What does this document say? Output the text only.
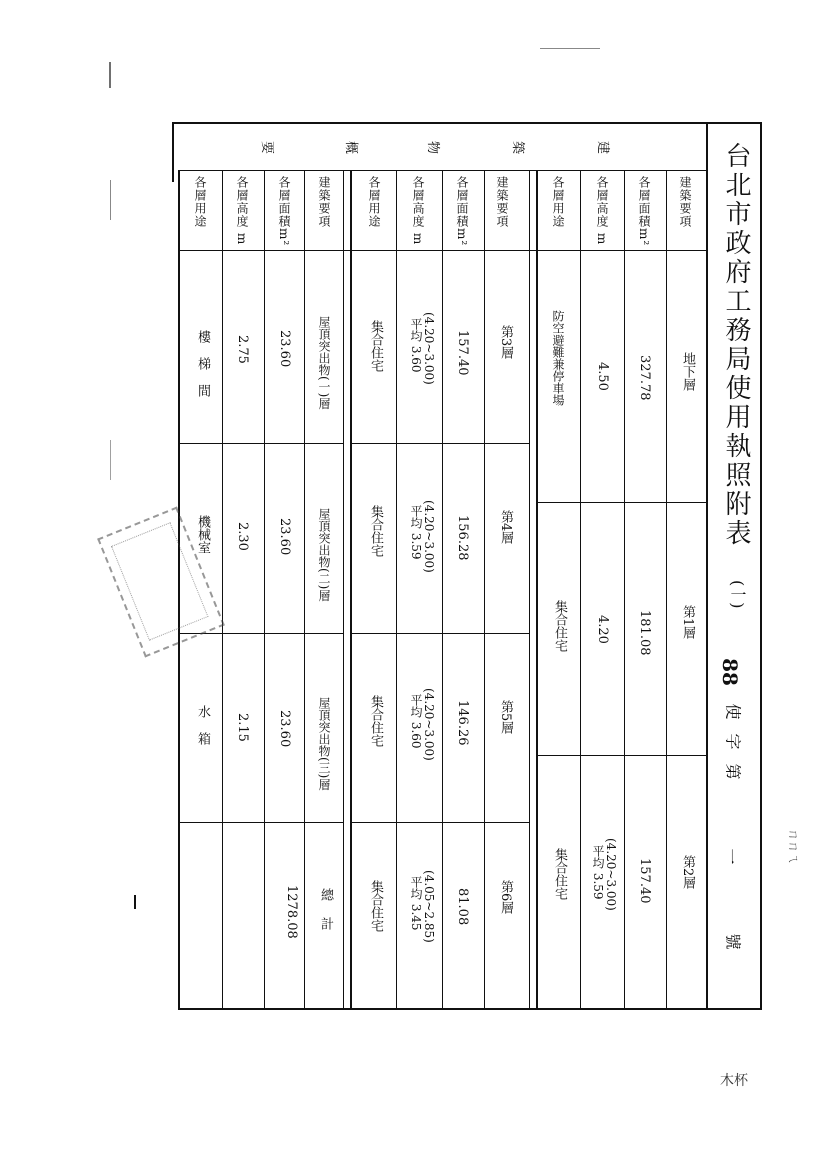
台北市政府工務局使用執照附表
(一)
88
使
字
第
一
號
建
築
物
概
要
建築要項
各層面積m²
各層高度 m
各層用途
地下層
327.78
4.50
防空避難兼停車場
第1層
181.08
4.20
集合住宅
第2層
157.40
(4.20~3.00)
平均 3.59
集合住宅
建築要項
各層面積m²
各層高度 m
各層用途
第3層
157.40
(4.20~3.00)
平均 3.60
集合住宅
第4層
156.28
(4.20~3.00)
平均 3.59
集合住宅
第5層
146.26
(4.20~3.00)
平均 3.60
集合住宅
第6層
81.08
(4.05~2.85)
平均 3.45
集合住宅
建築要項
各層面積m²
各層高度 m
各層用途
屋頂突出物(一)層
23.60
2.75
樓梯間
屋頂突出物(二)層
23.60
2.30
機械室
屋頂突出物(三)層
23.60
2.15
水箱
總計
1278.08
ㄇㄇㄟ
木杯
